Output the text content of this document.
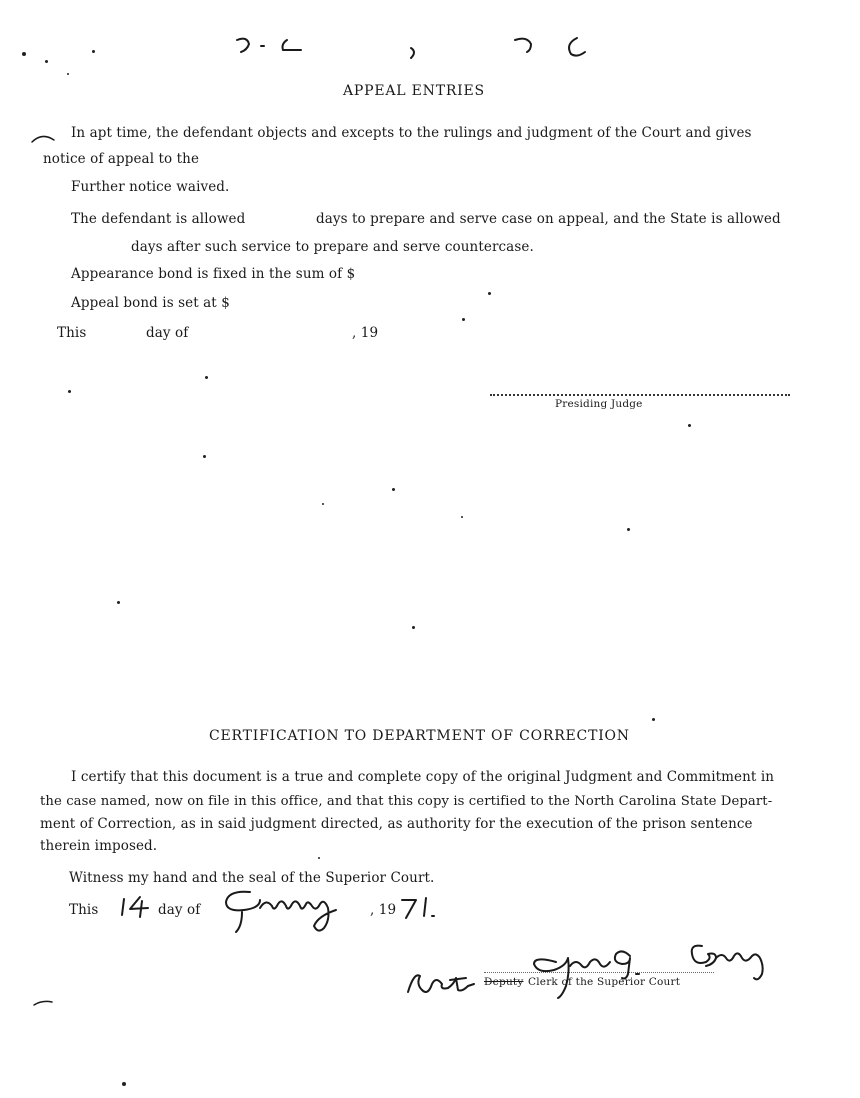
APPEAL ENTRIES
In apt time, the defendant objects and excepts to the rulings and judgment of the Court and gives
notice of appeal to the
Further notice waived.
The defendant is allowed	days to prepare and serve case on appeal, and the State is allowed
days after such service to prepare and serve countercase.
Appearance bond is fixed in the sum of $
Appeal bond is set at $
This	day of	, 19
Presiding Judge
CERTIFICATION TO DEPARTMENT OF CORRECTION
I certify that this document is a true and complete copy of the original Judgment and Commitment in
the case named, now on file in this office, and that this copy is certified to the North Carolina State Depart-
ment of Correction, as in said judgment directed, as authority for the execution of the prison sentence
therein imposed.
Witness my hand and the seal of the Superior Court.
This	day of	, 19
Deputy Clerk of the Superior Court
